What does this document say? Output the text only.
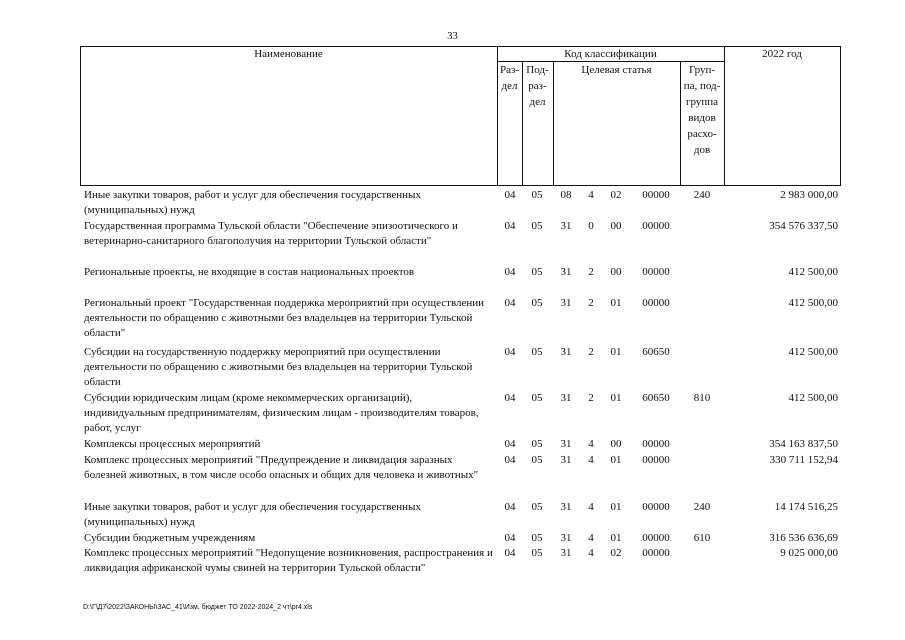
33
Наименование	Код классификации	2022 год
Раз-
дел
Под-
раз-
дел
Целевая статья	Груп-
па, под-
группа
видов
расхо-
дов
Иные закупки товаров, работ и услуг для обеспечения государственных (муниципальных) нужд
04	05	08	4	02	00000	240	2 983 000,00
Государственная программа Тульской области "Обеспечение эпизоотического и ветеринарно-санитарного благополучия на территории Тульской области"
04	05	31	0	00	00000	354 576 337,50
Региональные проекты, не входящие в состав национальных проектов	04	05	31	2	00	00000	412 500,00
Региональный проект "Государственная поддержка мероприятий при осуществлении деятельности по обращению с животными без владельцев на территории Тульской области"
04	05	31	2	01	00000	412 500,00
Субсидии на государственную поддержку мероприятий при осуществлении деятельности по обращению с животными без владельцев на территории Тульской области
04	05	31	2	01	60650	412 500,00
Субсидии юридическим лицам (кроме некоммерческих организаций), индивидуальным предпринимателям, физическим лицам - производителям товаров, работ, услуг
04	05	31	2	01	60650	810	412 500,00
Комплексы процессных мероприятий	04	05	31	4	00	00000	354 163 837,50
Комплекс процессных мероприятий "Предупреждение и ликвидация заразных болезней животных, в том числе особо опасных и общих для человека и животных"
04	05	31	4	01	00000	330 711 152,94
Иные закупки товаров, работ и услуг для обеспечения государственных (муниципальных) нужд
04	05	31	4	01	00000	240	14 174 516,25
Субсидии бюджетным учреждениям	04	05	31	4	01	00000	610	316 536 636,69
Комплекс процессных мероприятий "Недопущение возникновения, распространения и ликвидация африканской чумы свиней на территории Тульской области"
04	05	31	4	02	00000	9 025 000,00
D:\Г\Д7\2022\ЗАКОНЫ\ЗАС_41\Изм. бюджет ТО 2022-2024_2 чт\pr4.xls
